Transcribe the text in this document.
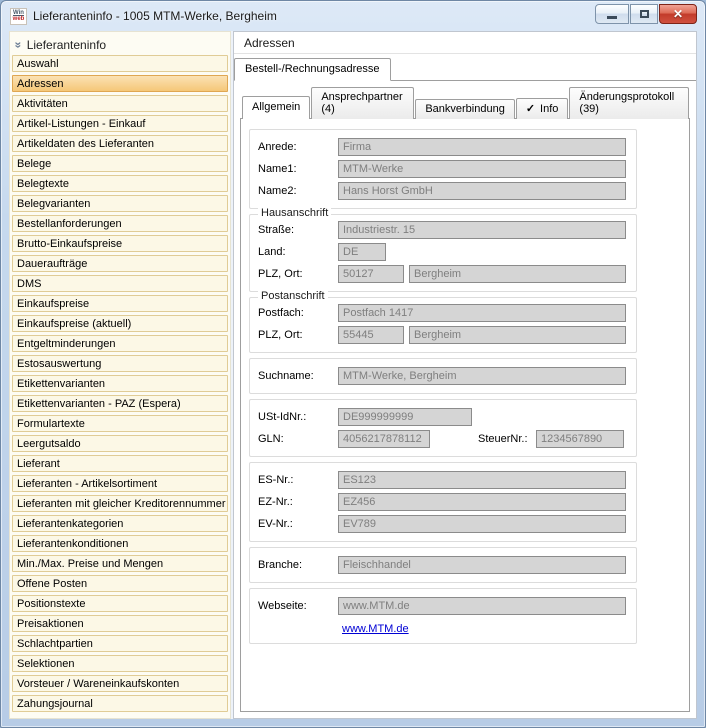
Win
web Lieferanteninfo - 1005 MTM-Werke, Bergheim	✕
» Lieferanteninfo
Auswahl
Adressen
Aktivitäten
Artikel-Listungen - Einkauf
Artikeldaten des Lieferanten
Belege
Belegtexte
Belegvarianten
Bestellanforderungen
Brutto-Einkaufspreise
Daueraufträge
DMS
Einkaufspreise
Einkaufspreise (aktuell)
Entgeltminderungen
Estosauswertung
Etikettenvarianten
Etikettenvarianten - PAZ (Espera)
Formulartexte
Leergutsaldo
Lieferant
Lieferanten - Artikelsortiment
Lieferanten mit gleicher Kreditorennummer
Lieferantenkategorien
Lieferantenkonditionen
Min./Max. Preise und Mengen
Offene Posten
Positionstexte
Preisaktionen
Schlachtpartien
Selektionen
Vorsteuer / Wareneinkaufskonten
Zahungsjournal
Adressen
Bestell-/Rechnungsadresse
Allgemein
Ansprechpartner (4)	Bankverbindung ✓ Info
Änderungsprotokoll (39)
Anrede:
Firma
Name1:
MTM-Werke
Name2:
Hans Horst GmbH
Hausanschrift
Straße:
Industriestr. 15
Land:
DE
PLZ, Ort:
50127
Bergheim
Postanschrift
Postfach:
Postfach 1417
PLZ, Ort:
55445
Bergheim
Suchname:
MTM-Werke, Bergheim
USt-IdNr.:
DE999999999
GLN:
4056217878112	SteuerNr.:
1234567890
ES-Nr.:
ES123
EZ-Nr.:
EZ456
EV-Nr.:
EV789
Branche:
Fleischhandel
Webseite:
www.MTM.de
www.MTM.de
